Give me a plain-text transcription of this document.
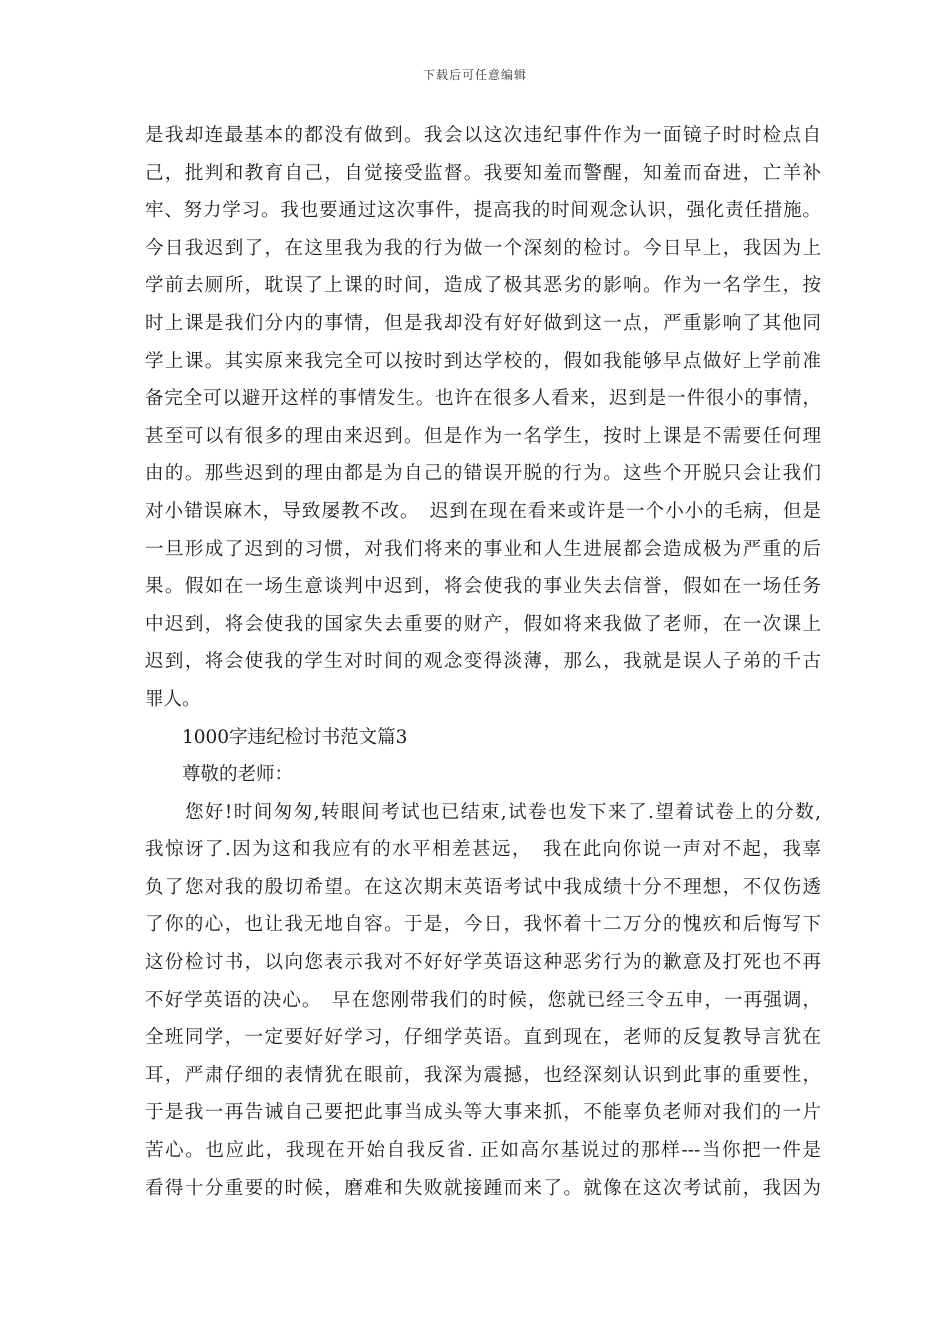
下载后可任意编辑
是我却连最基本的都没有做到。我会以这次违纪事件作为一面镜子时时检点自
己，批判和教育自己，自觉接受监督。我要知羞而警醒，知羞而奋进，亡羊补
牢、努力学习。我也要通过这次事件，提高我的时间观念认识，强化责任措施。
今日我迟到了，在这里我为我的行为做一个深刻的检讨。今日早上，我因为上
学前去厕所，耽误了上课的时间，造成了极其恶劣的影响。作为一名学生，按
时上课是我们分内的事情，但是我却没有好好做到这一点，严重影响了其他同
学上课。其实原来我完全可以按时到达学校的，假如我能够早点做好上学前准
备完全可以避开这样的事情发生。也许在很多人看来，迟到是一件很小的事情，
甚至可以有很多的理由来迟到。但是作为一名学生，按时上课是不需要任何理
由的。那些迟到的理由都是为自己的错误开脱的行为。这些个开脱只会让我们
对小错误麻木，导致屡教不改。　迟到在现在看来或许是一个小小的毛病，但是
一旦形成了迟到的习惯，对我们将来的事业和人生进展都会造成极为严重的后
果。假如在一场生意谈判中迟到，将会使我的事业失去信誉，假如在一场任务
中迟到，将会使我的国家失去重要的财产，假如将来我做了老师，在一次课上
迟到，将会使我的学生对时间的观念变得淡薄，那么，我就是误人子弟的千古
罪人。
　　1000字违纪检讨书范文篇3
　　尊敬的老师：
　　您好!时间匆匆,转眼间考试也已结束,试卷也发下来了.望着试卷上的分数,
我惊讶了.因为这和我应有的水平相差甚远，　我在此向你说一声对不起，我辜
负了您对我的殷切希望。在这次期末英语考试中我成绩十分不理想，不仅伤透
了你的心，也让我无地自容。于是，今日，我怀着十二万分的愧疚和后悔写下
这份检讨书，以向您表示我对不好好学英语这种恶劣行为的歉意及打死也不再
不好学英语的决心。　早在您刚带我们的时候，您就已经三令五申，一再强调，
全班同学，一定要好好学习，仔细学英语。直到现在，老师的反复教导言犹在
耳，严肃仔细的表情犹在眼前，我深为震撼，也经深刻认识到此事的重要性，
于是我一再告诫自己要把此事当成头等大事来抓，不能辜负老师对我们的一片
苦心。也应此，我现在开始自我反省. 正如高尔基说过的那样---当你把一件是
看得十分重要的时候，磨难和失败就接踵而来了。就像在这次考试前，我因为
